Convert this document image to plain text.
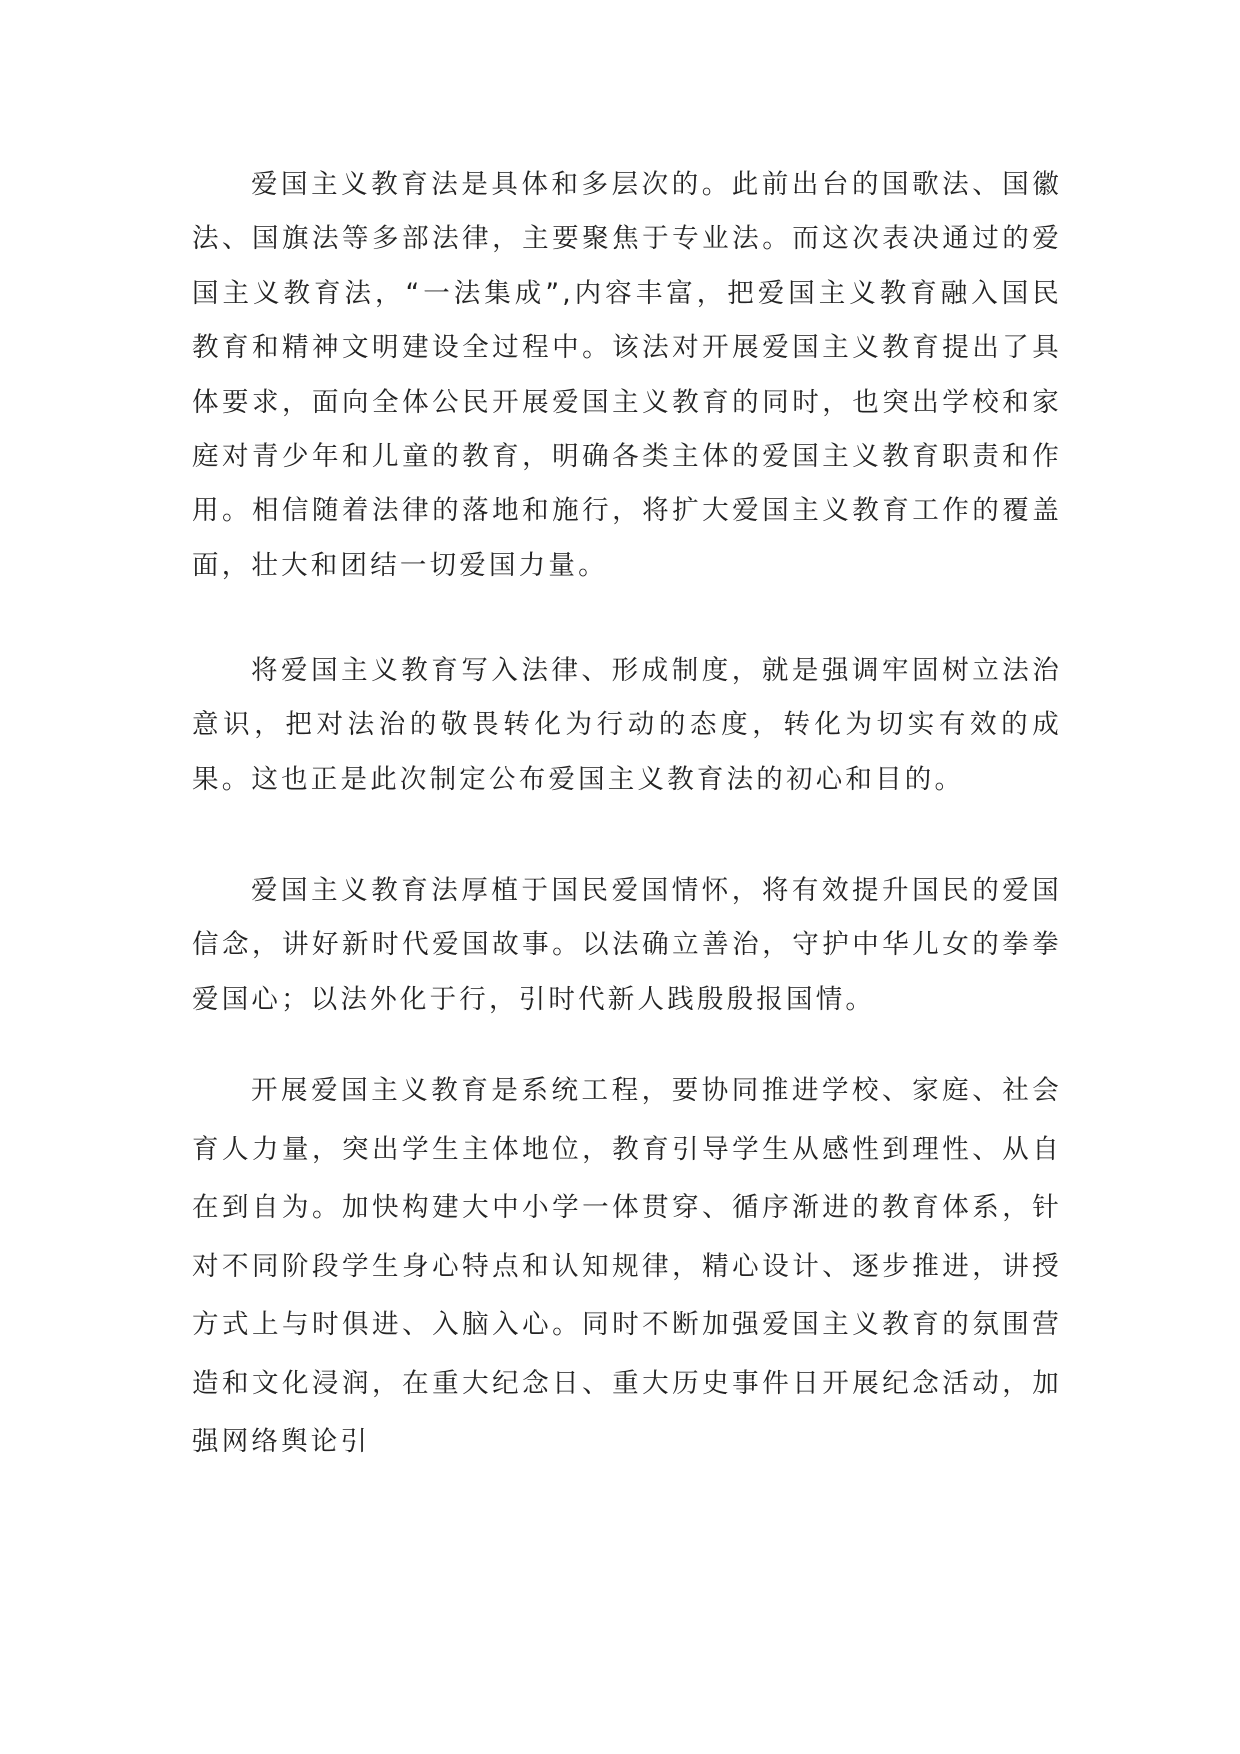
爱国主义教育法是具体和多层次的。此前出台的国歌法、国徽法、国旗法等多部法律，主要聚焦于专业法。而这次表决通过的爱国主义教育法，“一法集成”,内容丰富，把爱国主义教育融入国民教育和精神文明建设全过程中。该法对开展爱国主义教育提出了具体要求，面向全体公民开展爱国主义教育的同时，也突出学校和家庭对青少年和儿童的教育，明确各类主体的爱国主义教育职责和作用。相信随着法律的落地和施行，将扩大爱国主义教育工作的覆盖面，壮大和团结一切爱国力量。

将爱国主义教育写入法律、形成制度，就是强调牢固树立法治意识，把对法治的敬畏转化为行动的态度，转化为切实有效的成果。这也正是此次制定公布爱国主义教育法的初心和目的。

爱国主义教育法厚植于国民爱国情怀，将有效提升国民的爱国信念，讲好新时代爱国故事。以法确立善治，守护中华儿女的拳拳爱国心；以法外化于行，引时代新人践殷殷报国情。

开展爱国主义教育是系统工程，要协同推进学校、家庭、社会育人力量，突出学生主体地位，教育引导学生从感性到理性、从自在到自为。加快构建大中小学一体贯穿、循序渐进的教育体系，针对不同阶段学生身心特点和认知规律，精心设计、逐步推进，讲授方式上与时俱进、入脑入心。同时不断加强爱国主义教育的氛围营造和文化浸润，在重大纪念日、重大历史事件日开展纪念活动，加强网络舆论引
